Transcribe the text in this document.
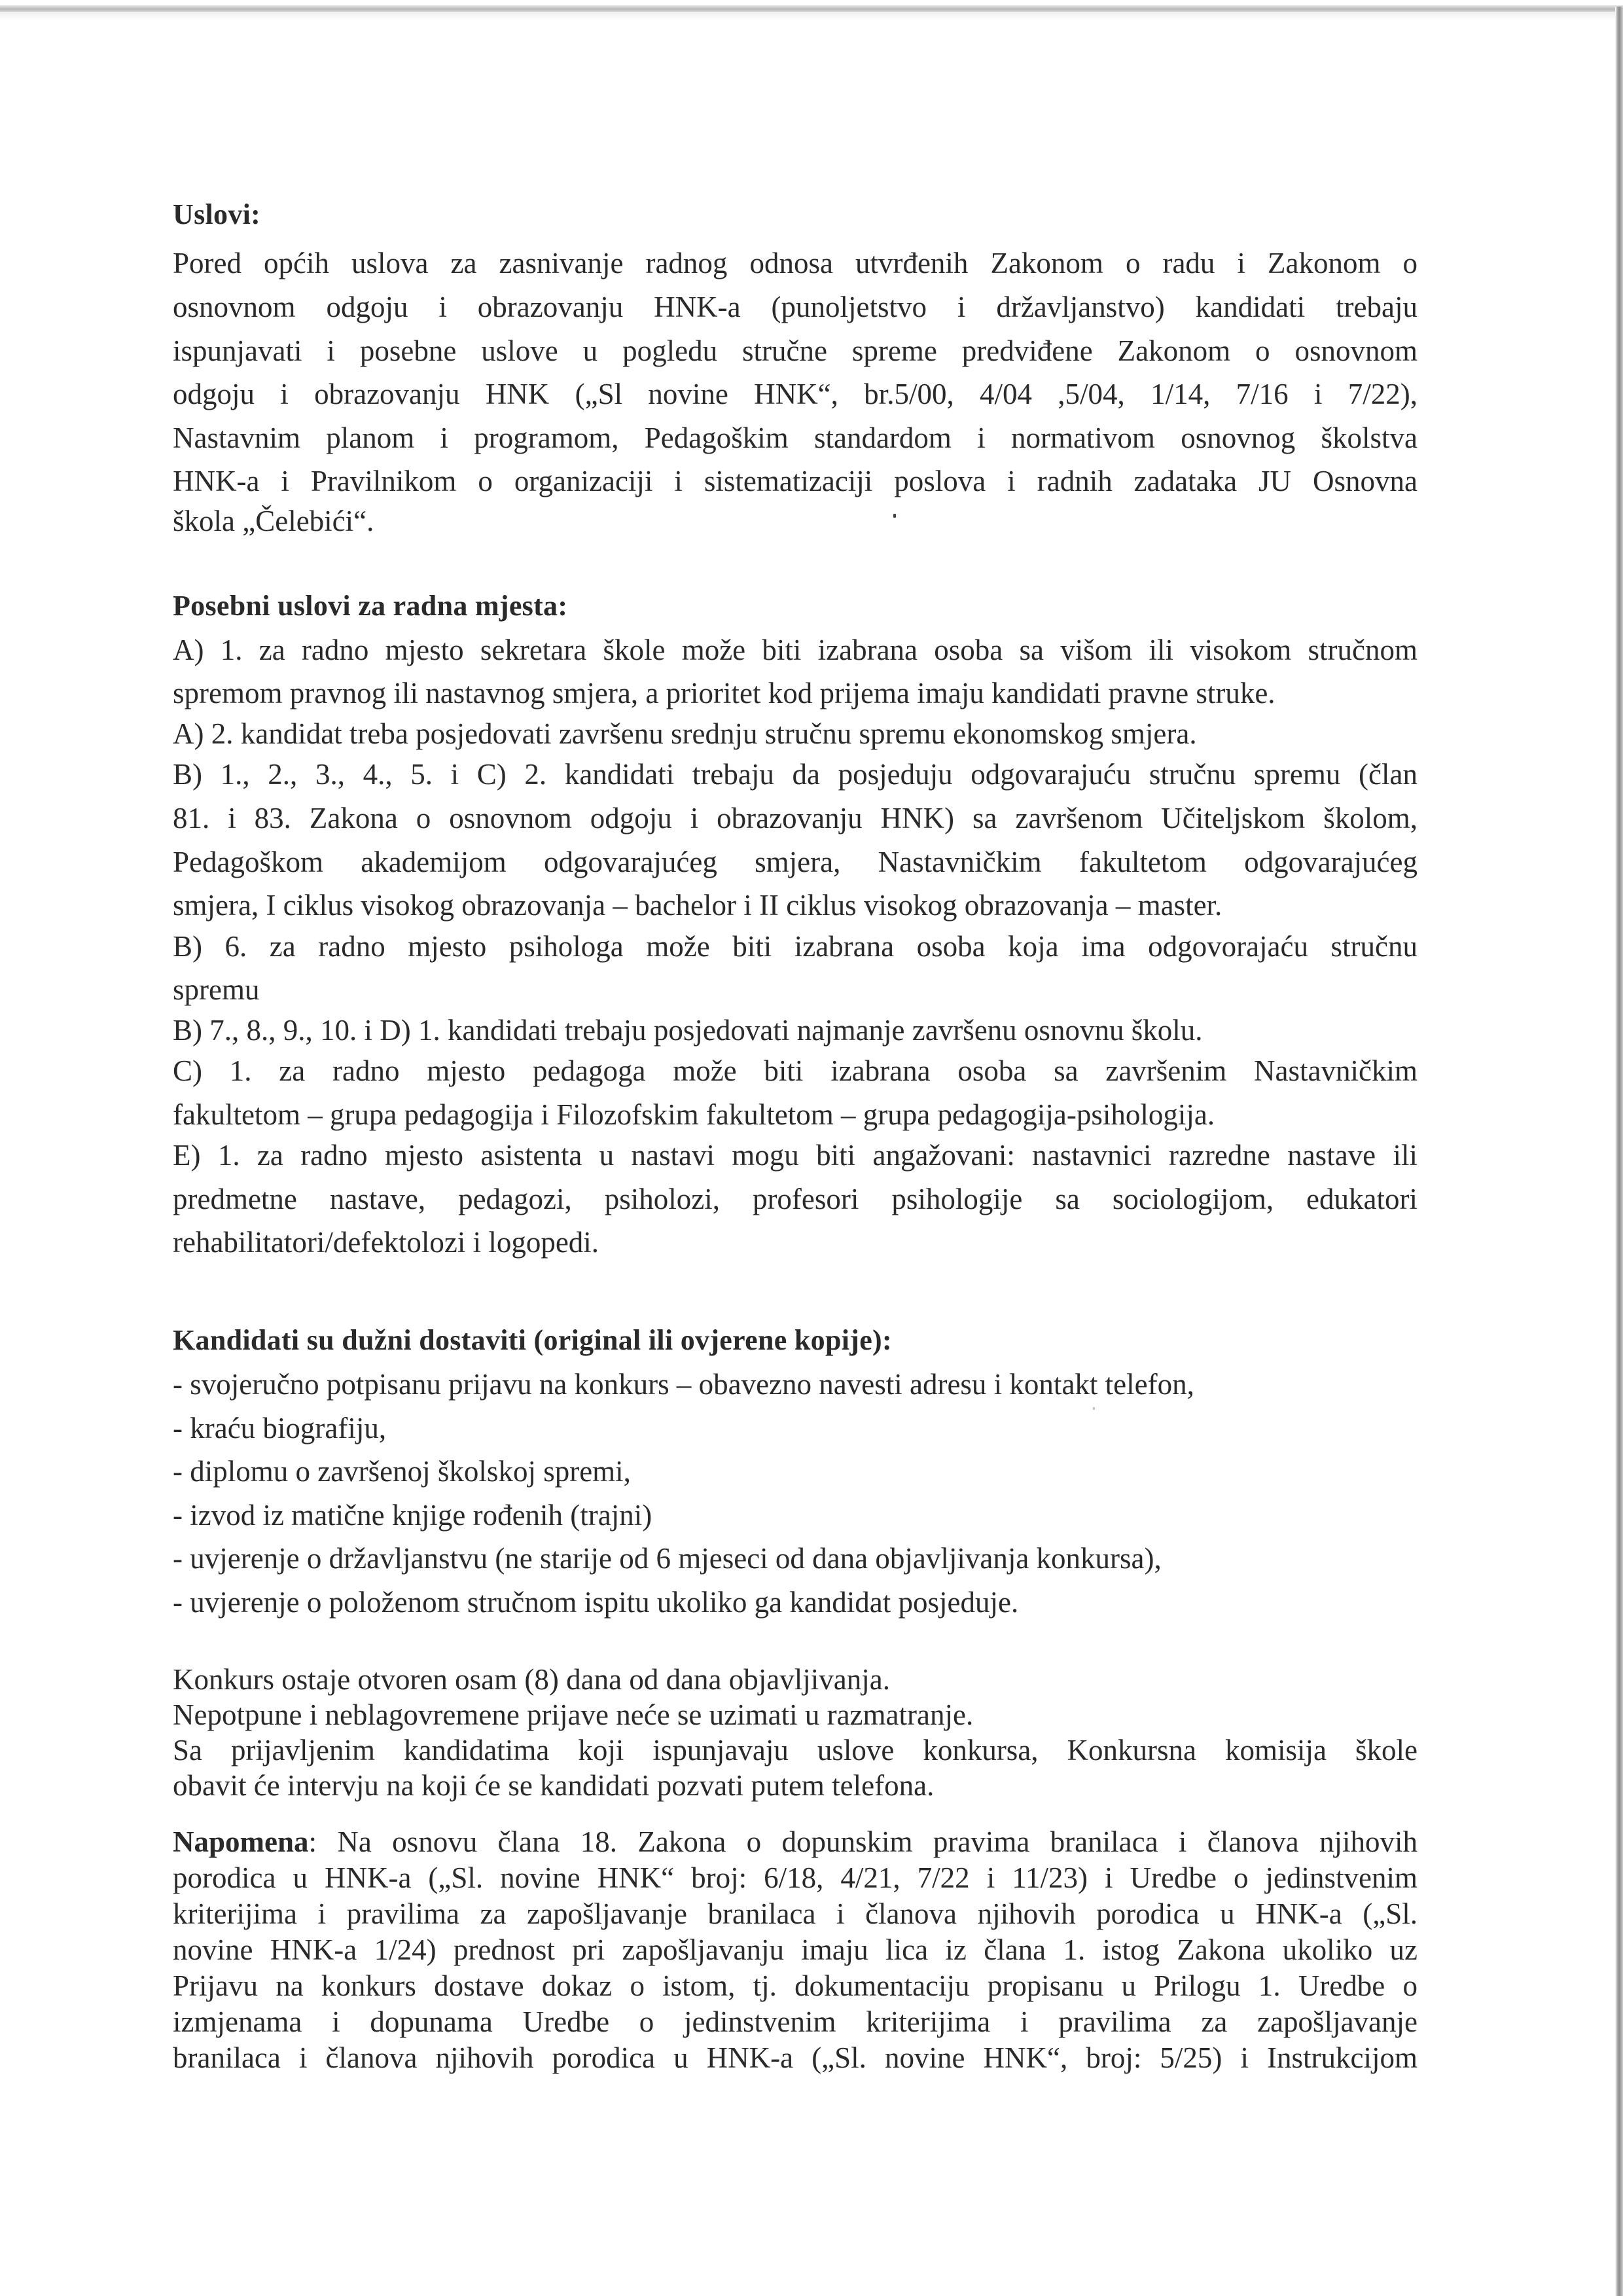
Uslovi:
Pored općih uslova za zasnivanje radnog odnosa utvrđenih Zakonom o radu i Zakonom o
osnovnom odgoju i obrazovanju HNK-a (punoljetstvo i državljanstvo) kandidati trebaju
ispunjavati i posebne uslove u pogledu stručne spreme predviđene Zakonom o osnovnom
odgoju i obrazovanju HNK („Sl novine HNK“, br.5/00, 4/04 ,5/04, 1/14, 7/16 i 7/22),
Nastavnim planom i programom, Pedagoškim standardom i normativom osnovnog školstva
HNK-a i Pravilnikom o organizaciji i sistematizaciji poslova i radnih zadataka JU Osnovna
škola „Čelebići“.
Posebni uslovi za radna mjesta:
A) 1. za radno mjesto sekretara škole može biti izabrana osoba sa višom ili visokom stručnom
spremom pravnog ili nastavnog smjera, a prioritet kod prijema imaju kandidati pravne struke.
A) 2. kandidat treba posjedovati završenu srednju stručnu spremu ekonomskog smjera.
B) 1., 2., 3., 4., 5. i C) 2. kandidati trebaju da posjeduju odgovarajuću stručnu spremu (član
81. i 83. Zakona o osnovnom odgoju i obrazovanju HNK) sa završenom Učiteljskom školom,
Pedagoškom akademijom odgovarajućeg smjera, Nastavničkim fakultetom odgovarajućeg
smjera, I ciklus visokog obrazovanja – bachelor i II ciklus visokog obrazovanja – master.
B) 6. za radno mjesto psihologa može biti izabrana osoba koja ima odgovorajaću stručnu
spremu
B) 7., 8., 9., 10. i D) 1. kandidati trebaju posjedovati najmanje završenu osnovnu školu.
C) 1. za radno mjesto pedagoga može biti izabrana osoba sa završenim Nastavničkim
fakultetom – grupa pedagogija i Filozofskim fakultetom – grupa pedagogija-psihologija.
E) 1. za radno mjesto asistenta u nastavi mogu biti angažovani: nastavnici razredne nastave ili
predmetne nastave, pedagozi, psiholozi, profesori psihologije sa sociologijom, edukatori
rehabilitatori/defektolozi i logopedi.
Kandidati su dužni dostaviti (original ili ovjerene kopije):
- svojeručno potpisanu prijavu na konkurs – obavezno navesti adresu i kontakt telefon,
- kraću biografiju,
- diplomu o završenoj školskoj spremi,
- izvod iz matične knjige rođenih (trajni)
- uvjerenje o državljanstvu (ne starije od 6 mjeseci od dana objavljivanja konkursa),
- uvjerenje o položenom stručnom ispitu ukoliko ga kandidat posjeduje.
Konkurs ostaje otvoren osam (8) dana od dana objavljivanja.
Nepotpune i neblagovremene prijave neće se uzimati u razmatranje.
Sa prijavljenim kandidatima koji ispunjavaju uslove konkursa, Konkursna komisija škole
obavit će intervju na koji će se kandidati pozvati putem telefona.
Napomena: Na osnovu člana 18. Zakona o dopunskim pravima branilaca i članova njihovih
porodica u HNK-a („Sl. novine HNK“ broj: 6/18, 4/21, 7/22 i 11/23) i Uredbe o jedinstvenim
kriterijima i pravilima za zapošljavanje branilaca i članova njihovih porodica u HNK-a („Sl.
novine HNK-a 1/24) prednost pri zapošljavanju imaju lica iz člana 1. istog Zakona ukoliko uz
Prijavu na konkurs dostave dokaz o istom, tj. dokumentaciju propisanu u Prilogu 1. Uredbe o
izmjenama i dopunama Uredbe o jedinstvenim kriterijima i pravilima za zapošljavanje
branilaca i članova njihovih porodica u HNK-a („Sl. novine HNK“, broj: 5/25) i Instrukcijom
